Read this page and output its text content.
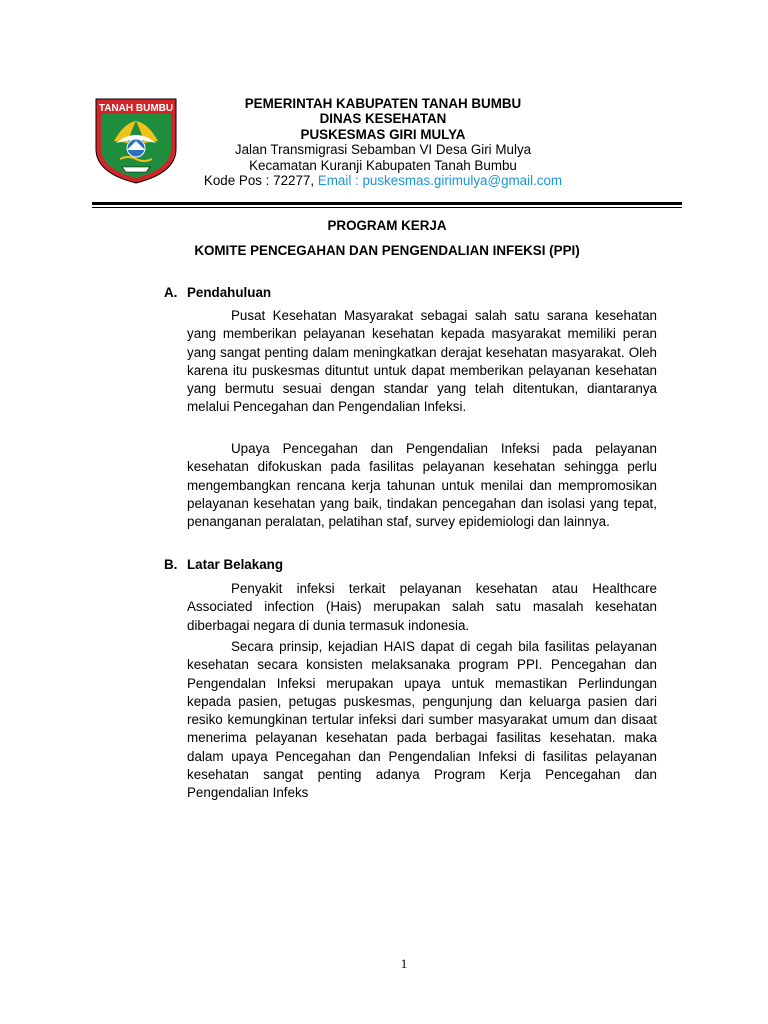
TANAH BUMBU	PEMERINTAH KABUPATEN TANAH BUMBU
DINAS KESEHATAN
PUSKESMAS GIRI MULYA
Jalan Transmigrasi Sebamban VI Desa Giri Mulya
Kecamatan Kuranji Kabupaten Tanah Bumbu
Kode Pos : 72277, Email : puskesmas.girimulya@gmail.com
PROGRAM KERJA
KOMITE PENCEGAHAN DAN PENGENDALIAN INFEKSI (PPI)
A. Pendahuluan

Pusat Kesehatan Masyarakat sebagai salah satu sarana kesehatan yang memberikan pelayanan kesehatan kepada masyarakat memiliki peran yang sangat penting dalam meningkatkan derajat kesehatan masyarakat. Oleh karena itu puskesmas dituntut untuk dapat memberikan pelayanan kesehatan yang bermutu sesuai dengan standar yang telah ditentukan, diantaranya melalui Pencegahan dan Pengendalian Infeksi.

Upaya Pencegahan dan Pengendalian Infeksi pada pelayanan kesehatan difokuskan pada fasilitas pelayanan kesehatan sehingga perlu mengembangkan rencana kerja tahunan untuk menilai dan mempromosikan pelayanan kesehatan yang baik, tindakan pencegahan dan isolasi yang tepat, penanganan peralatan, pelatihan staf, survey epidemiologi dan lainnya.

B. Latar Belakang

Penyakit infeksi terkait pelayanan kesehatan atau Healthcare Associated infection (Hais) merupakan salah satu masalah kesehatan diberbagai negara di dunia termasuk indonesia.

Secara prinsip, kejadian HAIS dapat di cegah bila fasilitas pelayanan kesehatan secara konsisten melaksanaka program PPI. Pencegahan dan Pengendalan Infeksi merupakan upaya untuk memastikan Perlindungan kepada pasien, petugas puskesmas, pengunjung dan keluarga pasien dari resiko kemungkinan tertular infeksi dari sumber masyarakat umum dan disaat menerima pelayanan kesehatan pada berbagai fasilitas kesehatan. maka dalam upaya Pencegahan dan Pengendalian Infeksi di fasilitas pelayanan kesehatan sangat penting adanya Program Kerja Pencegahan dan Pengendalian Infeks

1
